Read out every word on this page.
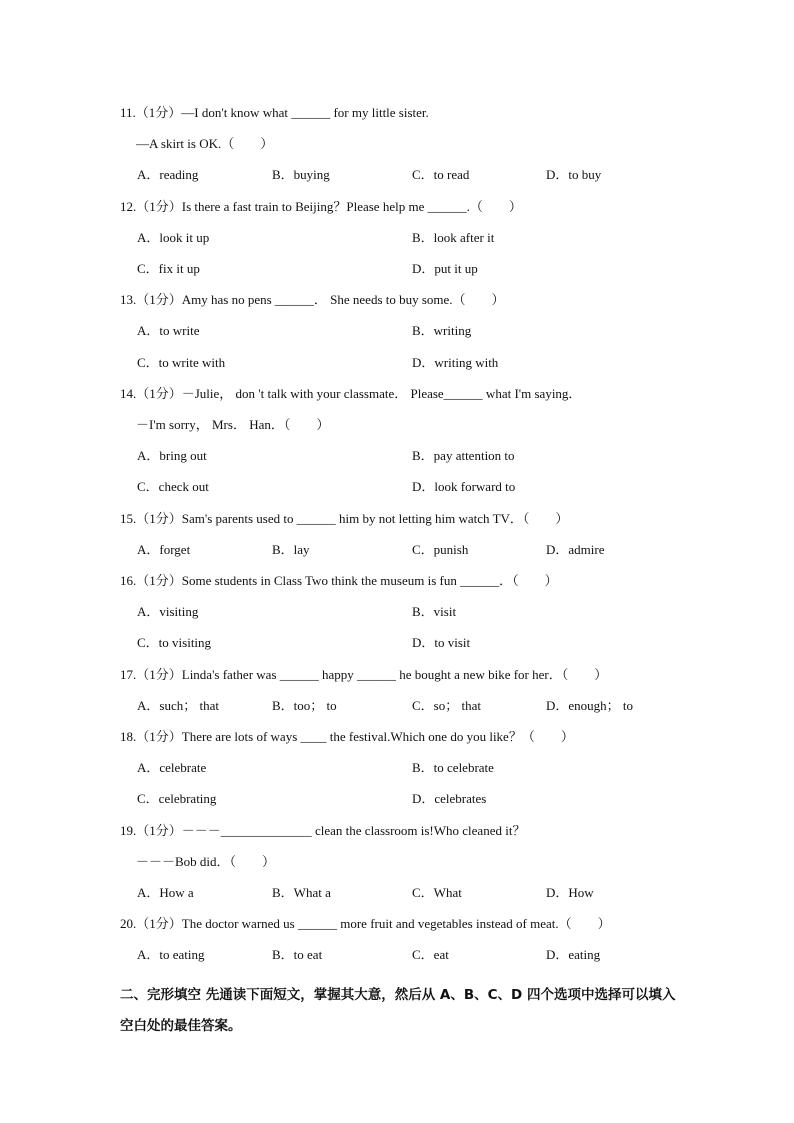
11.（1分）—I don't know what ______ for my little sister.
—A skirt is OK.（　　）
A．reading	B．buying	C．to read	D．to buy
12.（1分）Is there a fast train to Beijing？Please help me ______.（　　）
A．look it up	B．look after it
C．fix it up	D．put it up
13.（1分）Amy has no pens ______． She needs to buy some.（　　）
A．to write	B．writing
C．to write with	D．writing with
14.（1分）－Julie， don 't talk with your classmate． Please______ what I'm saying．
－I'm sorry， Mrs． Han．（　　）
A．bring out	B．pay attention to
C．check out	D．look forward to
15.（1分）Sam's parents used to ______ him by not letting him watch TV．（　　）
A．forget	B．lay	C．punish	D．admire
16.（1分）Some students in Class Two think the museum is fun ______．（　　）
A．visiting	B．visit
C．to visiting	D．to visit
17.（1分）Linda's father was ______ happy ______ he bought a new bike for her．（　　）
A．such； that	B．too； to	C．so； that	D．enough； to
18.（1分）There are lots of ways ____ the festival.Which one do you like？（　　）
A．celebrate	B．to celebrate
C．celebrating	D．celebrates
19.（1分）－－－______________ clean the classroom is!Who cleaned it？
－－－Bob did．（　　）
A．How a	B．What a	C．What	D．How
20.（1分）The doctor warned us ______ more fruit and vegetables instead of meat.（　　）
A．to eating	B．to eat	C．eat	D．eating
二、完形填空 先通读下面短文，掌握其大意，然后从 A、B、C、D 四个选项中选择可以填入空白处的最佳答案。
